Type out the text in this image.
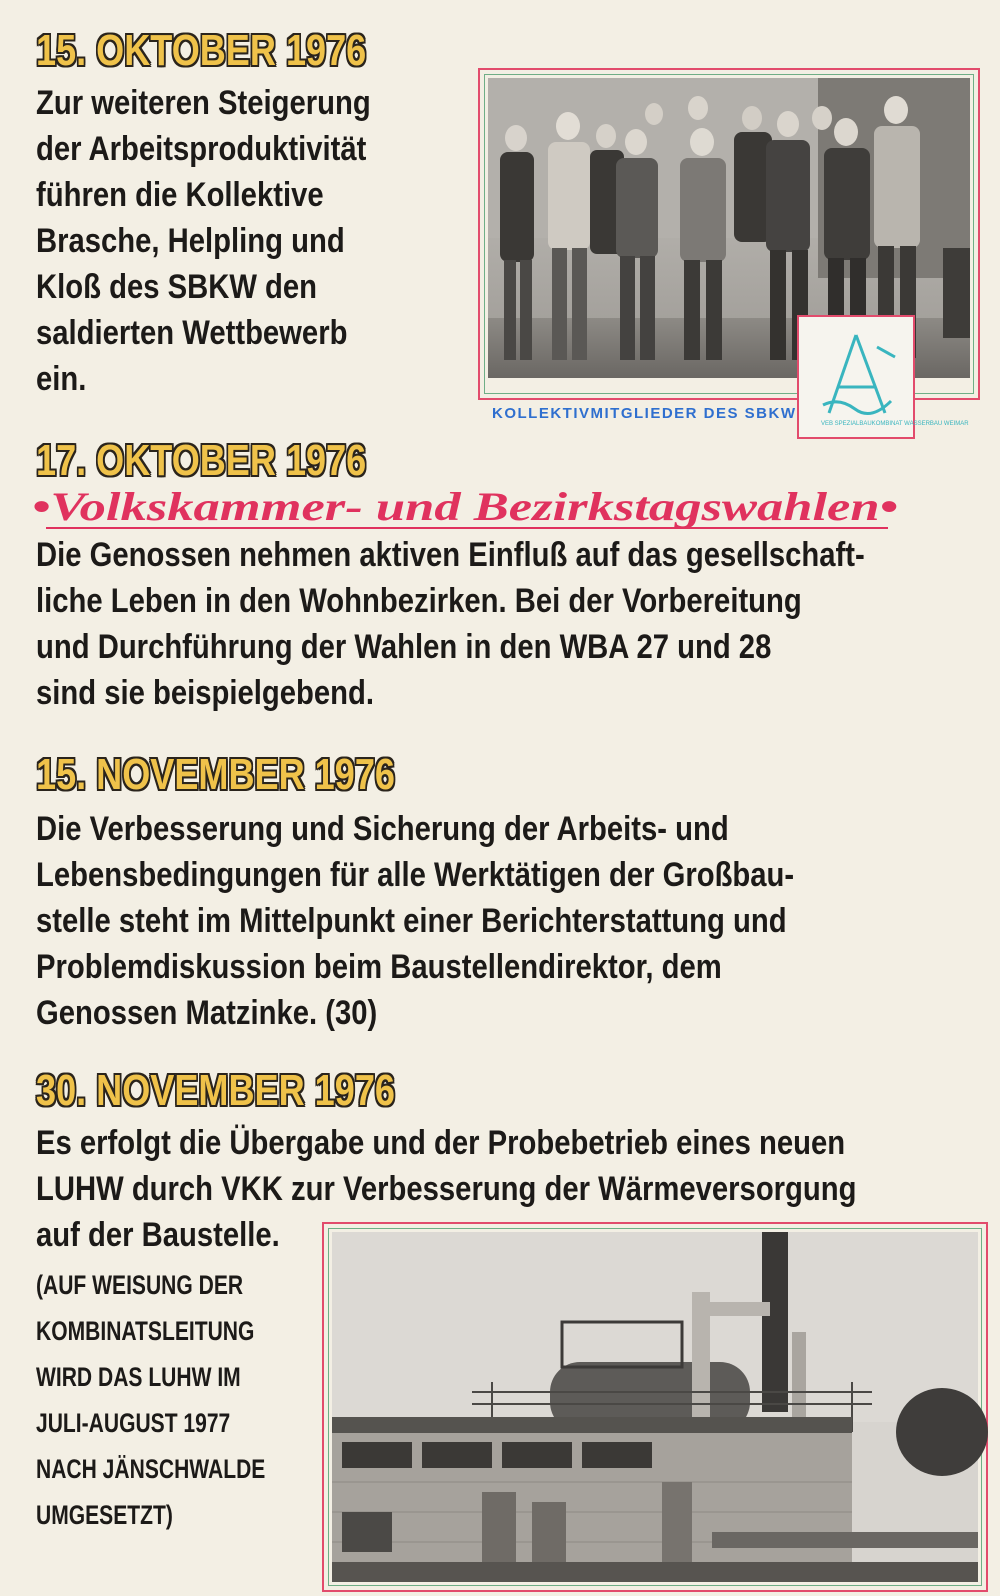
15. OKTOBER 1976
Zur weiteren Steigerung
der Arbeitsproduktivität
führen die Kollektive
Brasche, Helpling und
Kloß des SBKW den
saldierten Wettbewerb
ein.
VEB SPEZIALBAUKOMBINAT WASSERBAU WEIMAR
KOLLEKTIVMITGLIEDER DES SBKW
17. OKTOBER 1976
•Volkskammer- und Bezirkstagswahlen•
Die Genossen nehmen aktiven Einfluß auf das gesellschaft-
liche Leben in den Wohnbezirken. Bei der Vorbereitung
und Durchführung der Wahlen in den WBA 27 und 28
sind sie beispielgebend.
15. NOVEMBER 1976
Die Verbesserung und Sicherung der Arbeits- und
Lebensbedingungen für alle Werktätigen der Großbau-
stelle steht im Mittelpunkt einer Berichterstattung und
Problemdiskussion beim Baustellendirektor, dem
Genossen Matzinke. (30)
30. NOVEMBER 1976
Es erfolgt die Übergabe und der Probebetrieb eines neuen
LUHW durch VKK zur Verbesserung der Wärmeversorgung
auf der Baustelle.
(AUF WEISUNG DER
KOMBINATSLEITUNG
WIRD DAS LUHW IM
JULI-AUGUST 1977
NACH JÄNSCHWALDE
UMGESETZT)
